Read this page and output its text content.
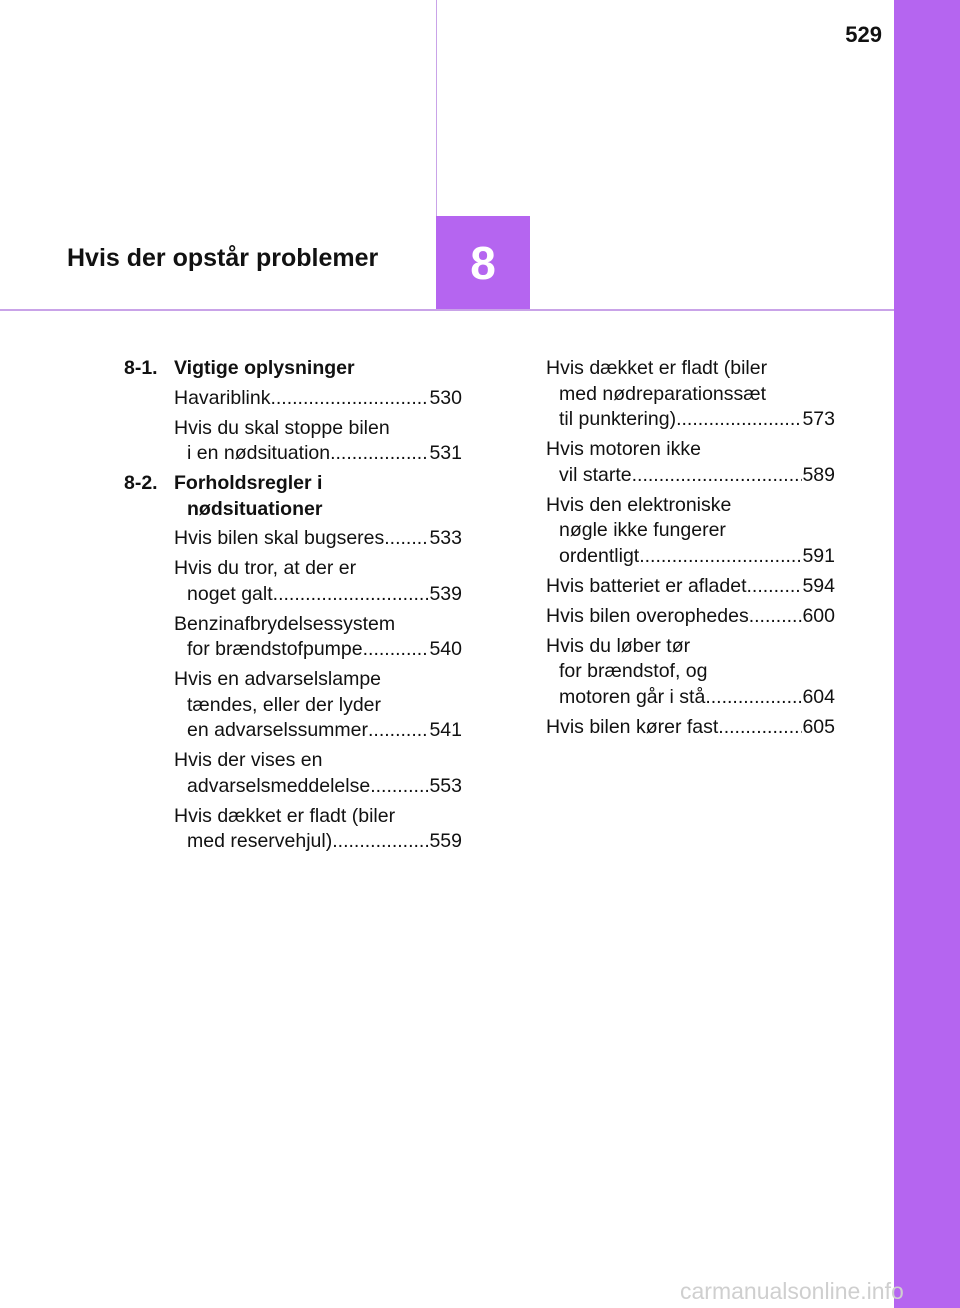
529
8
Hvis der opstår problemer
8-1. Vigtige oplysninger
Havariblink .....	530
Hvis du skal stoppe bilen
i en nødsituation .....	531
8-2. Forholdsregler i
nødsituationer
Hvis bilen skal bugseres ..... 533
Hvis du tror, at der er
noget galt .....	539
Benzinafbrydelsessystem
for brændstofpumpe .....	540
Hvis en advarselslampe
tændes, eller der lyder
en advarselssummer .....	541
Hvis der vises en
advarselsmeddelelse .....	553
Hvis dækket er fladt (biler
med reservehjul) .....	559
Hvis dækket er fladt (biler
med nødreparationssæt
til punktering) .....	573
Hvis motoren ikke
vil starte .....	589
Hvis den elektroniske
nøgle ikke fungerer
ordentligt .....	591
Hvis batteriet er afladet .....	594
Hvis bilen overophedes .....	600
Hvis du løber tør
for brændstof, og
motoren går i stå .....	604
Hvis bilen kører fast .....	605
carmanualsonline.info
